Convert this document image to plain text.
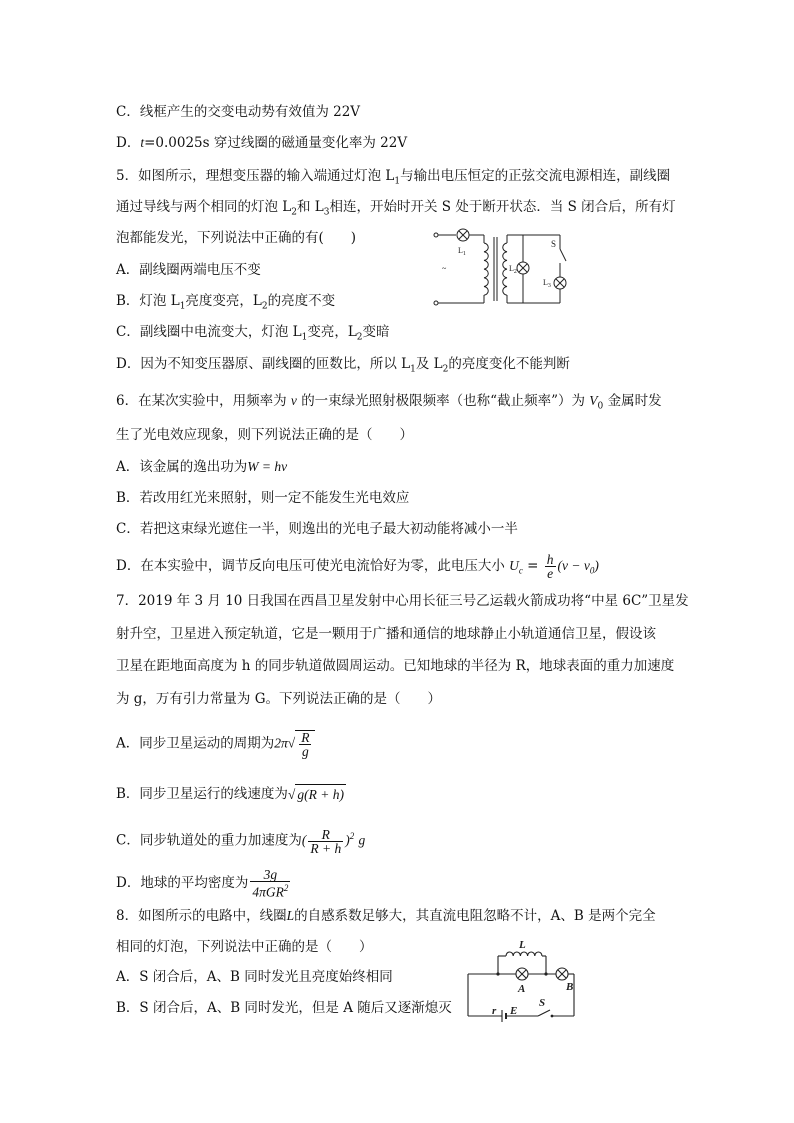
C．线框产生的交变电动势有效值为 22V
D．t=0.0025s 穿过线圈的磁通量变化率为 22V
5．如图所示，理想变压器的输入端通过灯泡 $L_1$与输出电压恒定的正弦交流电源相连，副线圈
通过导线与两个相同的灯泡 $L_2$和 $L_3$相连，开始时开关 S 处于断开状态．当 S 闭合后，所有灯
泡都能发光，下列说法中正确的有(　　)
A．副线圈两端电压不变
B．灯泡 $L_1$亮度变亮，$L_2$的亮度不变
C．副线圈中电流变大，灯泡 $L_1$变亮，$L_2$变暗
D．因为不知变压器原、副线圈的匝数比，所以 $L_1$及 $L_2$的亮度变化不能判断
$L_1$
$L_2$
$L_3$
S
~
6．在某次实验中，用频率为 ν 的一束绿光照射极限频率（也称“截止频率”）为 $V_0$ 金属时发
生了光电效应现象，则下列说法正确的是（　　）
A．该金属的逸出功为W = hν
B．若改用红光来照射，则一定不能发生光电效应
C．若把这束绿光遮住一半，则逸出的光电子最大初动能将减小一半
D．在本实验中，调节反向电压可使光电流恰好为零，此电压大小 $U_c = \frac{h}{e} (\nu - \nu_0)$
7．2019 年 3 月 10 日我国在西昌卫星发射中心用长征三号乙运载火箭成功将“中星 6C”卫星发
射升空，卫星进入预定轨道，它是一颗用于广播和通信的地球静止小轨道通信卫星，假设该
卫星在距地面高度为 h 的同步轨道做圆周运动。已知地球的半径为 R，地球表面的重力加速度
为 g，万有引力常量为 G。下列说法正确的是（　　）
A．同步卫星运动的周期为$2\pi√ \frac{R}{g}$
B．同步卫星运行的线速度为√ g(R + h)
C．同步轨道处的重力加速度为( $\frac{R}{R + h} )^2$ g
D．地球的平均密度为 $\frac{3g}{4\pi GR^2}$
8．如图所示的电路中，线圈L的自感系数足够大，其直流电阻忽略不计，A、B 是两个完全
相同的灯泡，下列说法中正确的是（　　）
A．S 闭合后，A、B 同时发光且亮度始终相同
B．S 闭合后，A、B 同时发光，但是 A 随后又逐渐熄灭
L
A	B
r E
S
